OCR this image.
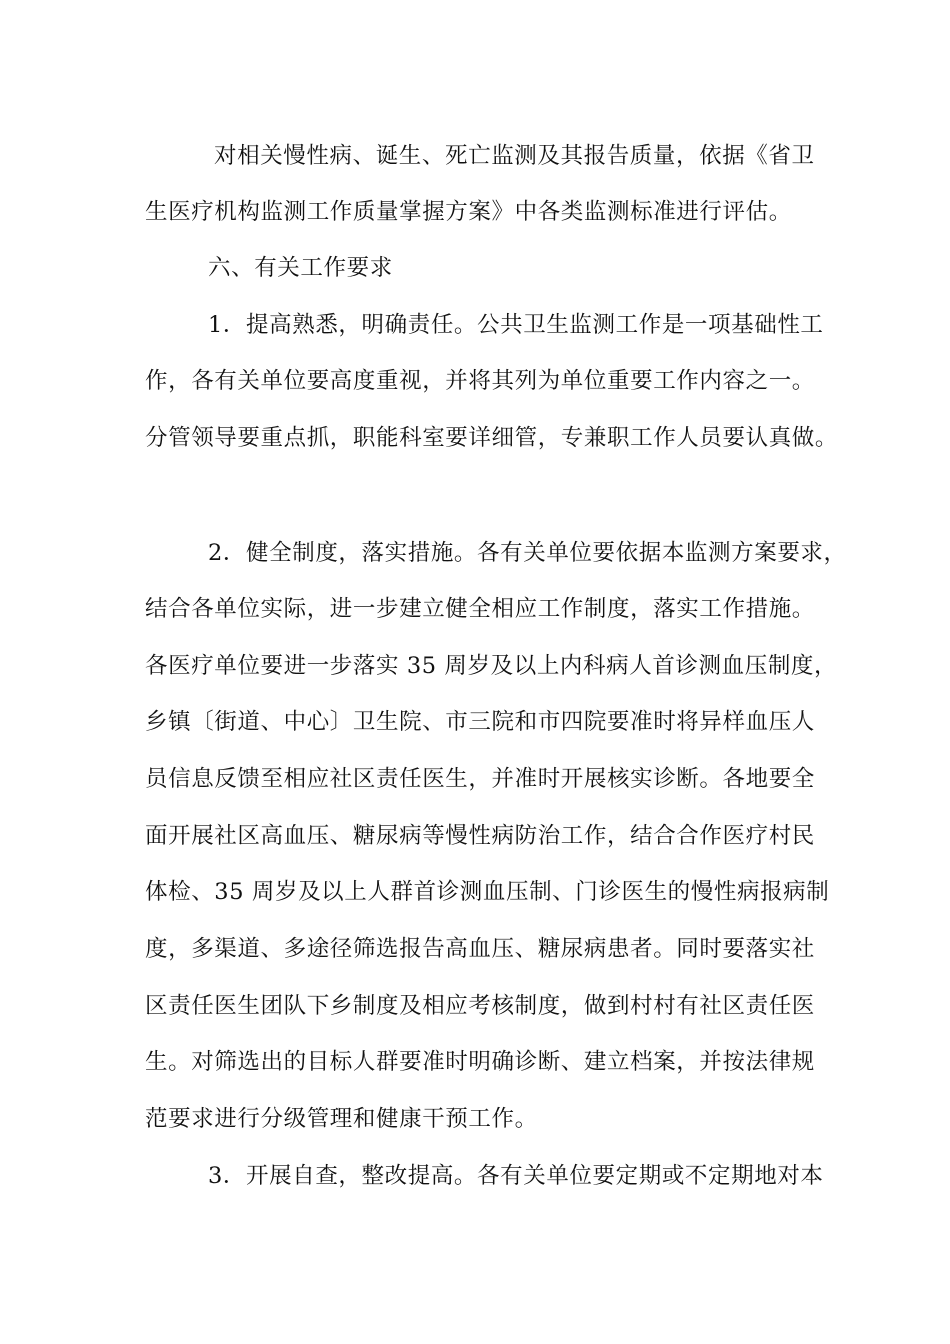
对相关慢性病、诞生、死亡监测及其报告质量，依据《省卫
生医疗机构监测工作质量掌握方案》中各类监测标准进行评估。
六、有关工作要求
1．提高熟悉，明确责任。公共卫生监测工作是一项基础性工
作，各有关单位要高度重视，并将其列为单位重要工作内容之一。
分管领导要重点抓，职能科室要详细管，专兼职工作人员要认真做。
2．健全制度，落实措施。各有关单位要依据本监测方案要求，
结合各单位实际，进一步建立健全相应工作制度，落实工作措施。
各医疗单位要进一步落实 35 周岁及以上内科病人首诊测血压制度，
乡镇〔街道、中心〕卫生院、市三院和市四院要准时将异样血压人
员信息反馈至相应社区责任医生，并准时开展核实诊断。各地要全
面开展社区高血压、糖尿病等慢性病防治工作，结合合作医疗村民
体检、35 周岁及以上人群首诊测血压制、门诊医生的慢性病报病制
度，多渠道、多途径筛选报告高血压、糖尿病患者。同时要落实社
区责任医生团队下乡制度及相应考核制度，做到村村有社区责任医
生。对筛选出的目标人群要准时明确诊断、建立档案，并按法律规
范要求进行分级管理和健康干预工作。
3．开展自查，整改提高。各有关单位要定期或不定期地对本
